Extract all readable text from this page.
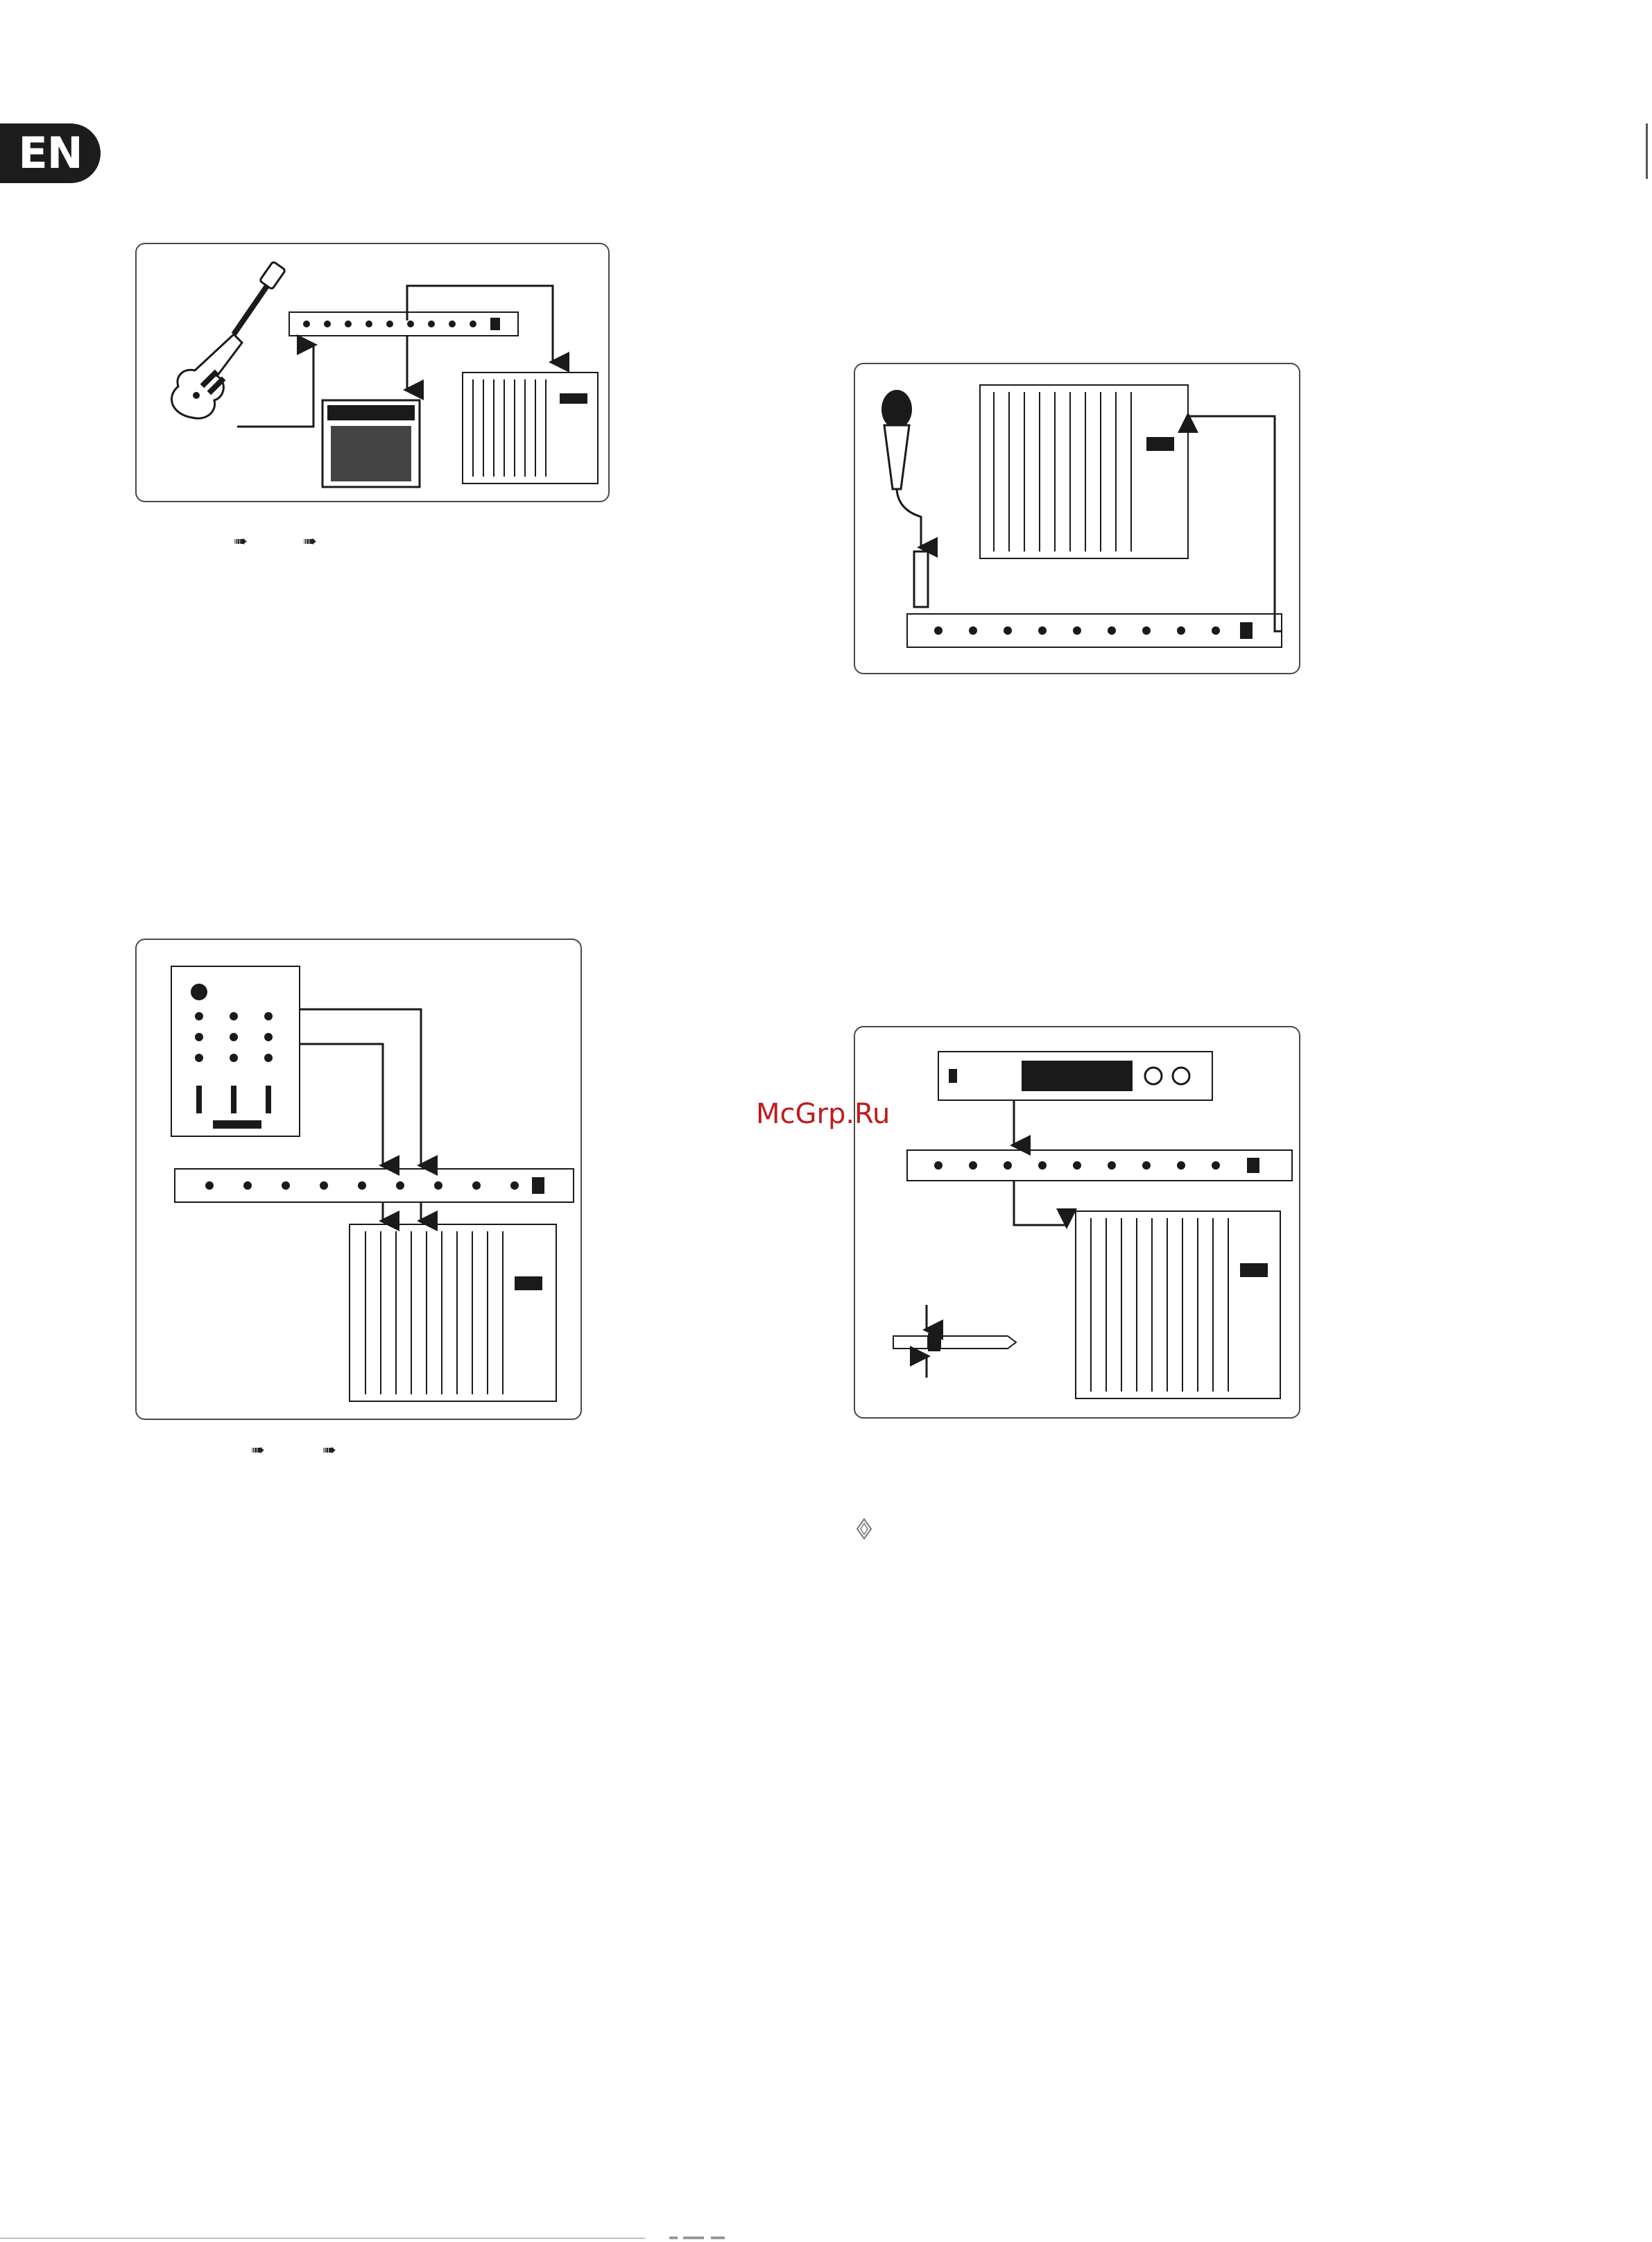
EN
➠	➠
➠	➠
McGrp.Ru
